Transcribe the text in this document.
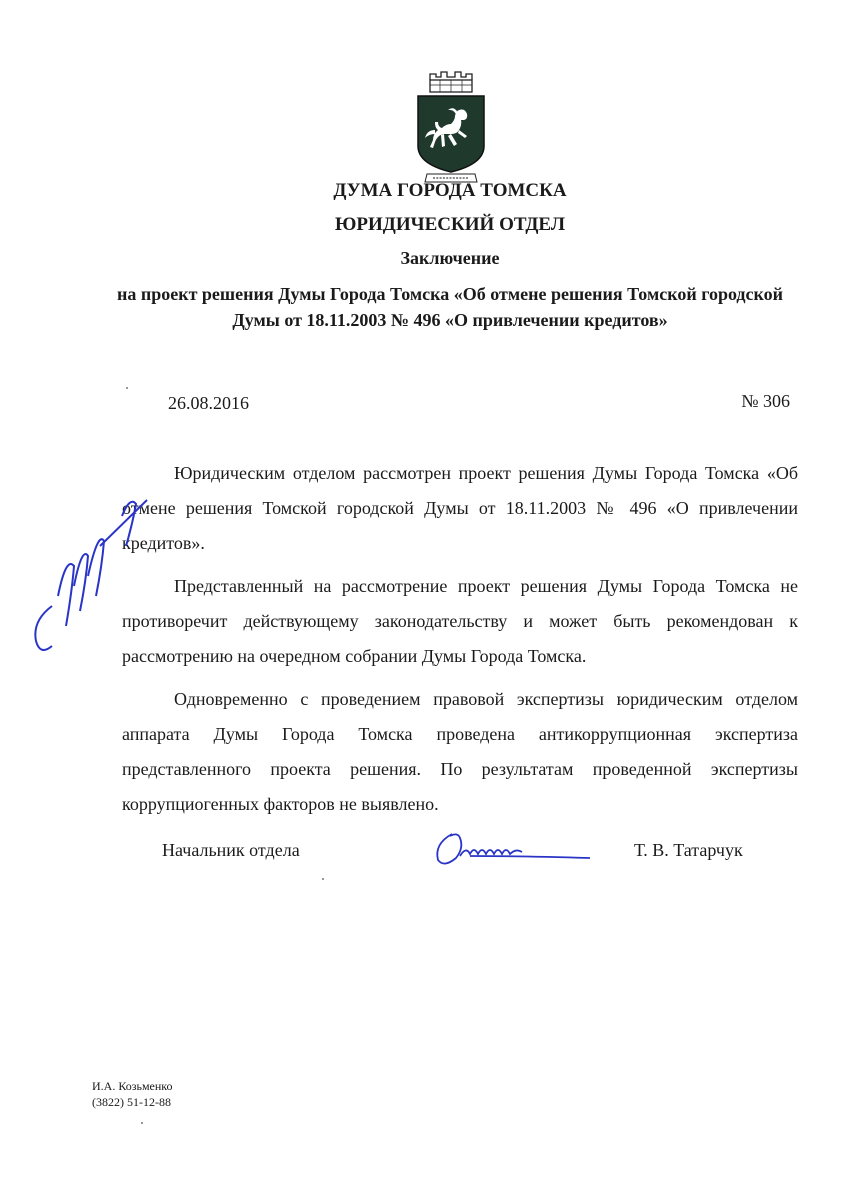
ДУМА ГОРОДА ТОМСКА
ЮРИДИЧЕСКИЙ ОТДЕЛ
Заключение
на проект решения Думы Города Томска «Об отмене решения Томской городской Думы от 18.11.2003 № 496 «О привлечении кредитов»
26.08.2016	№ 306

Юридическим отделом рассмотрен проект решения Думы Города Томска «Об отмене решения Томской городской Думы от 18.11.2003 № 496 «О привлечении кредитов».

Представленный на рассмотрение проект решения Думы Города Томска не противоречит действующему законодательству и может быть рекомендован к рассмотрению на очередном собрании Думы Города Томска.

Одновременно с проведением правовой экспертизы юридическим отделом аппарата Думы Города Томска проведена антикоррупционная экспертиза представленного проекта решения. По результатам проведенной экспертизы коррупциогенных факторов не выявлено.

Начальник отдела	Т. В. Татарчук
И.А. Козьменко
(3822) 51-12-88
